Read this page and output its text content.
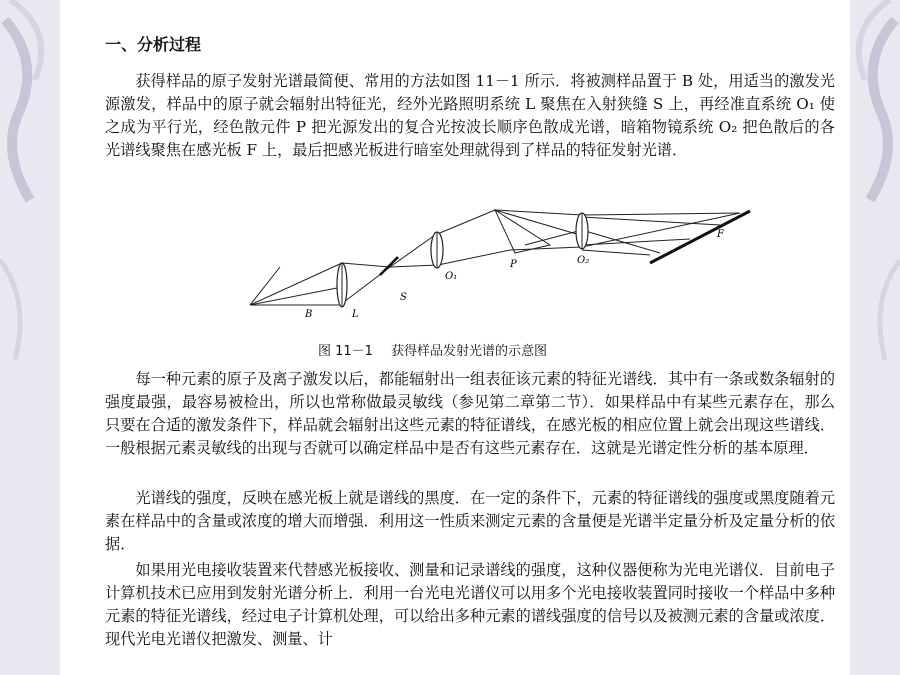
一、分析过程

获得样品的原子发射光谱最简便、常用的方法如图 11－1 所示．将被测样品置于 B 处，用适当的激发光源激发，样品中的原子就会辐射出特征光，经外光路照明系统 L 聚焦在入射狭缝 S 上，再经准直系统 O₁ 使之成为平行光，经色散元件 P 把光源发出的复合光按波长顺序色散成光谱，暗箱物镜系统 O₂ 把色散后的各光谱线聚焦在感光板 F 上，最后把感光板进行暗室处理就得到了样品的特征发射光谱．

B	L
S
O₁
P	O₂
F
图 11－1 获得样品发射光谱的示意图

每一种元素的原子及离子激发以后，都能辐射出一组表征该元素的特征光谱线．其中有一条或数条辐射的强度最强，最容易被检出，所以也常称做最灵敏线（参见第二章第二节）．如果样品中有某些元素存在，那么只要在合适的激发条件下，样品就会辐射出这些元素的特征谱线，在感光板的相应位置上就会出现这些谱线．一般根据元素灵敏线的出现与否就可以确定样品中是否有这些元素存在．这就是光谱定性分析的基本原理．

光谱线的强度，反映在感光板上就是谱线的黑度．在一定的条件下，元素的特征谱线的强度或黑度随着元素在样品中的含量或浓度的增大而增强．利用这一性质来测定元素的含量便是光谱半定量分析及定量分析的依据．

如果用光电接收装置来代替感光板接收、测量和记录谱线的强度，这种仪器便称为光电光谱仪．目前电子计算机技术已应用到发射光谱分析上．利用一台光电光谱仪可以用多个光电接收装置同时接收一个样品中多种元素的特征光谱线，经过电子计算机处理，可以给出多种元素的谱线强度的信号以及被测元素的含量或浓度．现代光电光谱仪把激发、测量、计
